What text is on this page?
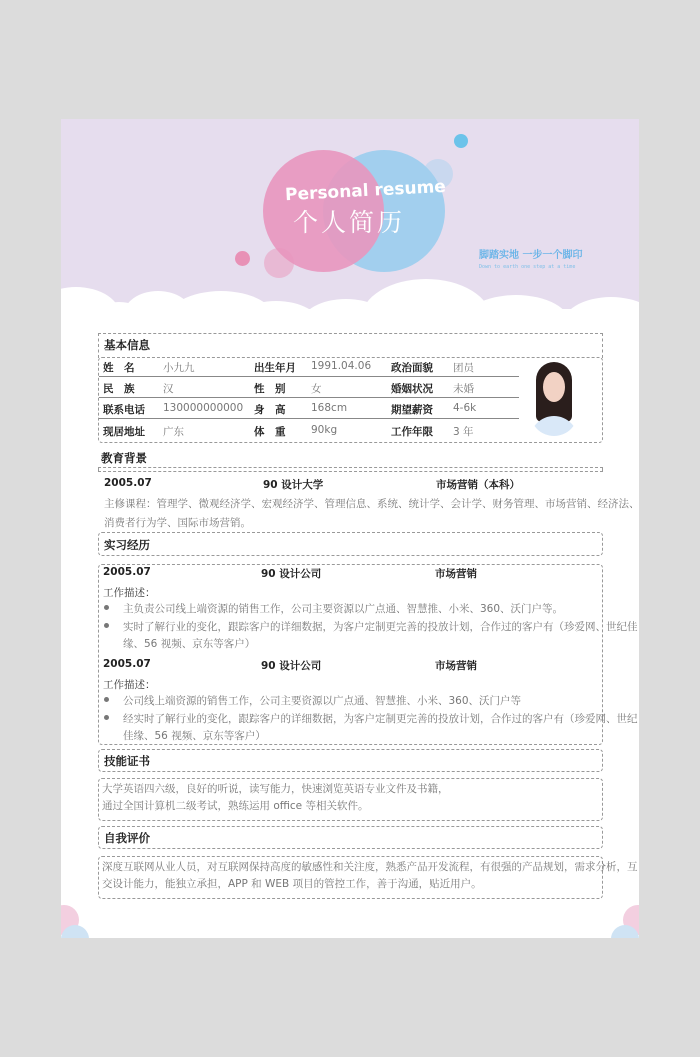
Personal resume
个人简历
脚踏实地 一步一个脚印
Down to earth one step at a time
基本信息
姓　名	小九九	出生年月 1991.04.06 政治面貌 团员
民　族	汉	性　别 女	婚姻状况 未婚
联系电话 130000000000 身　高 168cm	期望薪资 4-6k
现居地址 广东	体　重 90kg	工作年限 3 年
教育背景
2005.07	90 设计大学	市场营销（本科）
主修课程：管理学、微观经济学、宏观经济学、管理信息、系统、统计学、会计学、财务管理、市场营销、经济法、
消费者行为学、国际市场营销。
实习经历
2005.07	90 设计公司	市场营销
工作描述：
主负责公司线上端资源的销售工作，公司主要资源以广点通、智慧推、小米、360、沃门户等。
实时了解行业的变化，跟踪客户的详细数据，为客户定制更完善的投放计划，合作过的客户有（珍爱网、世纪佳
缘、56 视频、京东等客户）
2005.07	90 设计公司	市场营销
工作描述：
公司线上端资源的销售工作，公司主要资源以广点通、智慧推、小米、360、沃门户等
经实时了解行业的变化，跟踪客户的详细数据，为客户定制更完善的投放计划，合作过的客户有（珍爱网、世纪
佳缘、56 视频、京东等客户）
技能证书
大学英语四六级，良好的听说，读写能力，快速浏览英语专业文件及书籍，
通过全国计算机二级考试，熟练运用 office 等相关软件。
自我评价
深度互联网从业人员，对互联网保持高度的敏感性和关注度，熟悉产品开发流程，有很强的产品规划，需求分析，互
交设计能力，能独立承担，APP 和 WEB 项目的管控工作，善于沟通，贴近用户。
